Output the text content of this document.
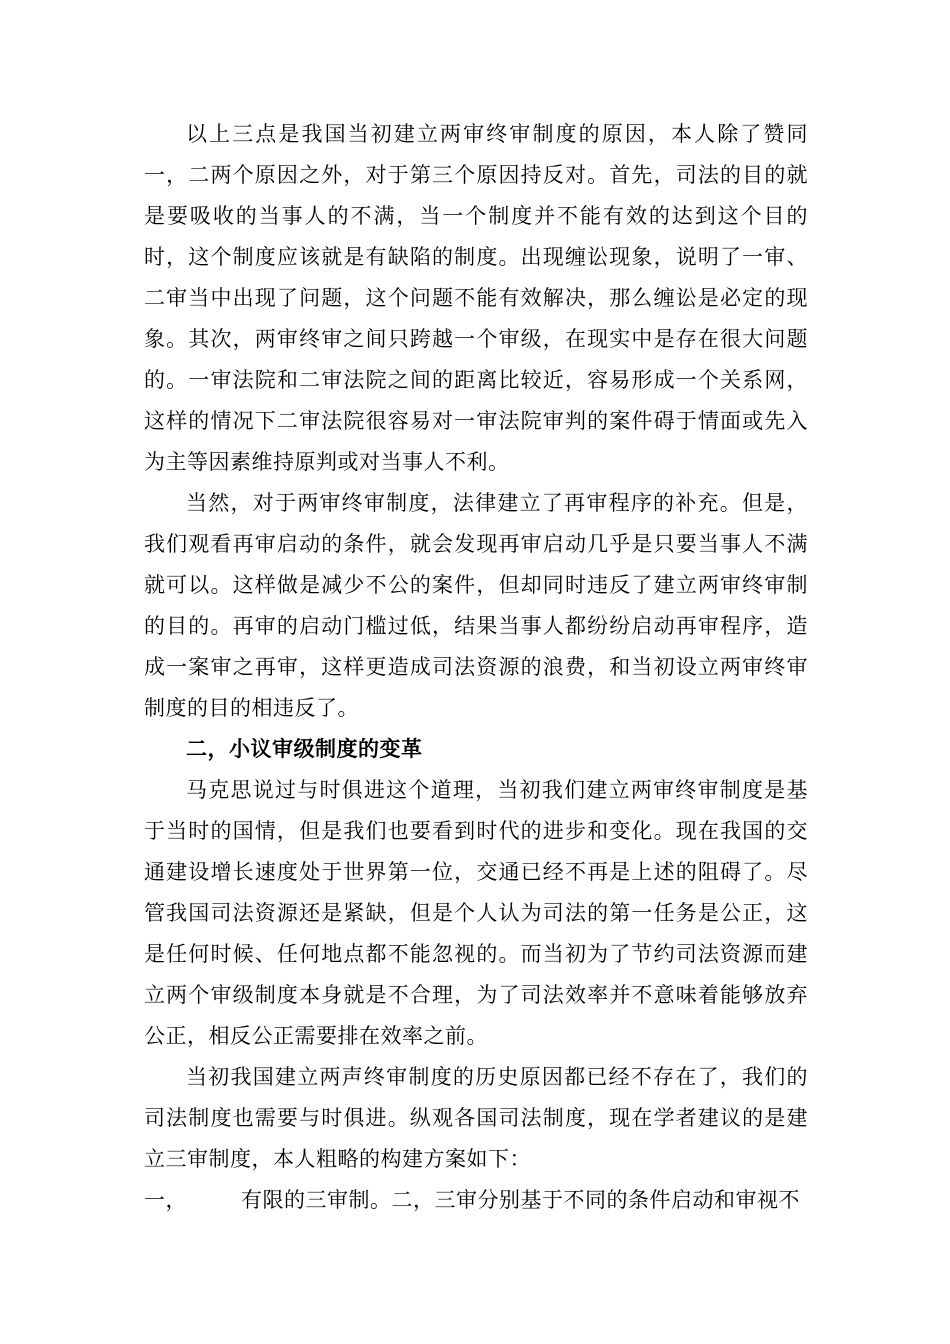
以上三点是我国当初建立两审终审制度的原因，本人除了赞同一，二两个原因之外，对于第三个原因持反对。首先，司法的目的就是要吸收的当事人的不满，当一个制度并不能有效的达到这个目的时，这个制度应该就是有缺陷的制度。出现缠讼现象，说明了一审、二审当中出现了问题，这个问题不能有效解决，那么缠讼是必定的现象。其次，两审终审之间只跨越一个审级，在现实中是存在很大问题的。一审法院和二审法院之间的距离比较近，容易形成一个关系网，这样的情况下二审法院很容易对一审法院审判的案件碍于情面或先入为主等因素维持原判或对当事人不利。

当然，对于两审终审制度，法律建立了再审程序的补充。但是，我们观看再审启动的条件，就会发现再审启动几乎是只要当事人不满就可以。这样做是减少不公的案件，但却同时违反了建立两审终审制的目的。再审的启动门槛过低，结果当事人都纷纷启动再审程序，造成一案审之再审，这样更造成司法资源的浪费，和当初设立两审终审制度的目的相违反了。

二，小议审级制度的变革

马克思说过与时俱进这个道理，当初我们建立两审终审制度是基于当时的国情，但是我们也要看到时代的进步和变化。现在我国的交通建设增长速度处于世界第一位，交通已经不再是上述的阻碍了。尽管我国司法资源还是紧缺，但是个人认为司法的第一任务是公正，这是任何时候、任何地点都不能忽视的。而当初为了节约司法资源而建立两个审级制度本身就是不合理，为了司法效率并不意味着能够放弃公正，相反公正需要排在效率之前。

当初我国建立两声终审制度的历史原因都已经不存在了，我们的司法制度也需要与时俱进。纵观各国司法制度，现在学者建议的是建立三审制度，本人粗略的构建方案如下：

一，	有限的三审制。二，三审分别基于不同的条件启动和审视不
